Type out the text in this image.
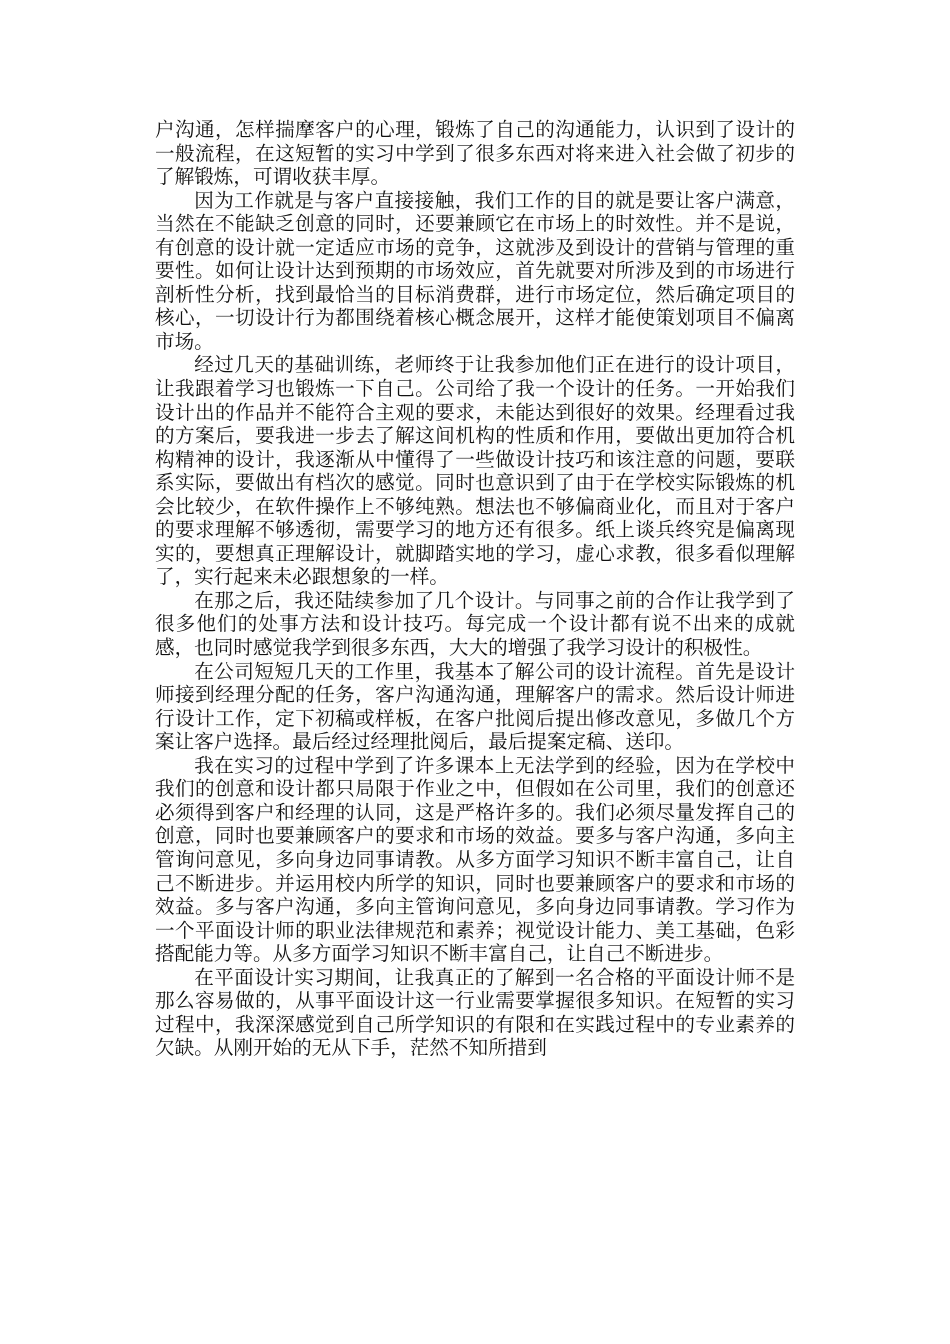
户沟通，怎样揣摩客户的心理，锻炼了自己的沟通能力，认识到了设计的一般流程，在这短暂的实习中学到了很多东西对将来进入社会做了初步的了解锻炼，可谓收获丰厚。

因为工作就是与客户直接接触，我们工作的目的就是要让客户满意，当然在不能缺乏创意的同时，还要兼顾它在市场上的时效性。并不是说，有创意的设计就一定适应市场的竞争，这就涉及到设计的营销与管理的重要性。如何让设计达到预期的市场效应，首先就要对所涉及到的市场进行剖析性分析，找到最恰当的目标消费群，进行市场定位，然后确定项目的核心，一切设计行为都围绕着核心概念展开，这样才能使策划项目不偏离市场。

经过几天的基础训练，老师终于让我参加他们正在进行的设计项目，让我跟着学习也锻炼一下自己。公司给了我一个设计的任务。一开始我们设计出的作品并不能符合主观的要求，未能达到很好的效果。经理看过我的方案后，要我进一步去了解这间机构的性质和作用，要做出更加符合机构精神的设计，我逐渐从中懂得了一些做设计技巧和该注意的问题，要联系实际，要做出有档次的感觉。同时也意识到了由于在学校实际锻炼的机会比较少，在软件操作上不够纯熟。想法也不够偏商业化，而且对于客户的要求理解不够透彻，需要学习的地方还有很多。纸上谈兵终究是偏离现实的，要想真正理解设计，就脚踏实地的学习，虚心求教，很多看似理解了，实行起来未必跟想象的一样。

在那之后，我还陆续参加了几个设计。与同事之前的合作让我学到了很多他们的处事方法和设计技巧。每完成一个设计都有说不出来的成就感，也同时感觉我学到很多东西，大大的增强了我学习设计的积极性。

在公司短短几天的工作里，我基本了解公司的设计流程。首先是设计师接到经理分配的任务，客户沟通沟通，理解客户的需求。然后设计师进行设计工作，定下初稿或样板，在客户批阅后提出修改意见，多做几个方案让客户选择。最后经过经理批阅后，最后提案定稿、送印。

我在实习的过程中学到了许多课本上无法学到的经验，因为在学校中我们的创意和设计都只局限于作业之中，但假如在公司里，我们的创意还必须得到客户和经理的认同，这是严格许多的。我们必须尽量发挥自己的创意，同时也要兼顾客户的要求和市场的效益。要多与客户沟通，多向主管询问意见，多向身边同事请教。从多方面学习知识不断丰富自己，让自己不断进步。并运用校内所学的知识，同时也要兼顾客户的要求和市场的效益。多与客户沟通，多向主管询问意见，多向身边同事请教。学习作为一个平面设计师的职业法律规范和素养；视觉设计能力、美工基础，色彩搭配能力等。从多方面学习知识不断丰富自己，让自己不断进步。

在平面设计实习期间，让我真正的了解到一名合格的平面设计师不是那么容易做的，从事平面设计这一行业需要掌握很多知识。在短暂的实习过程中，我深深感觉到自己所学知识的有限和在实践过程中的专业素养的欠缺。从刚开始的无从下手，茫然不知所措到
